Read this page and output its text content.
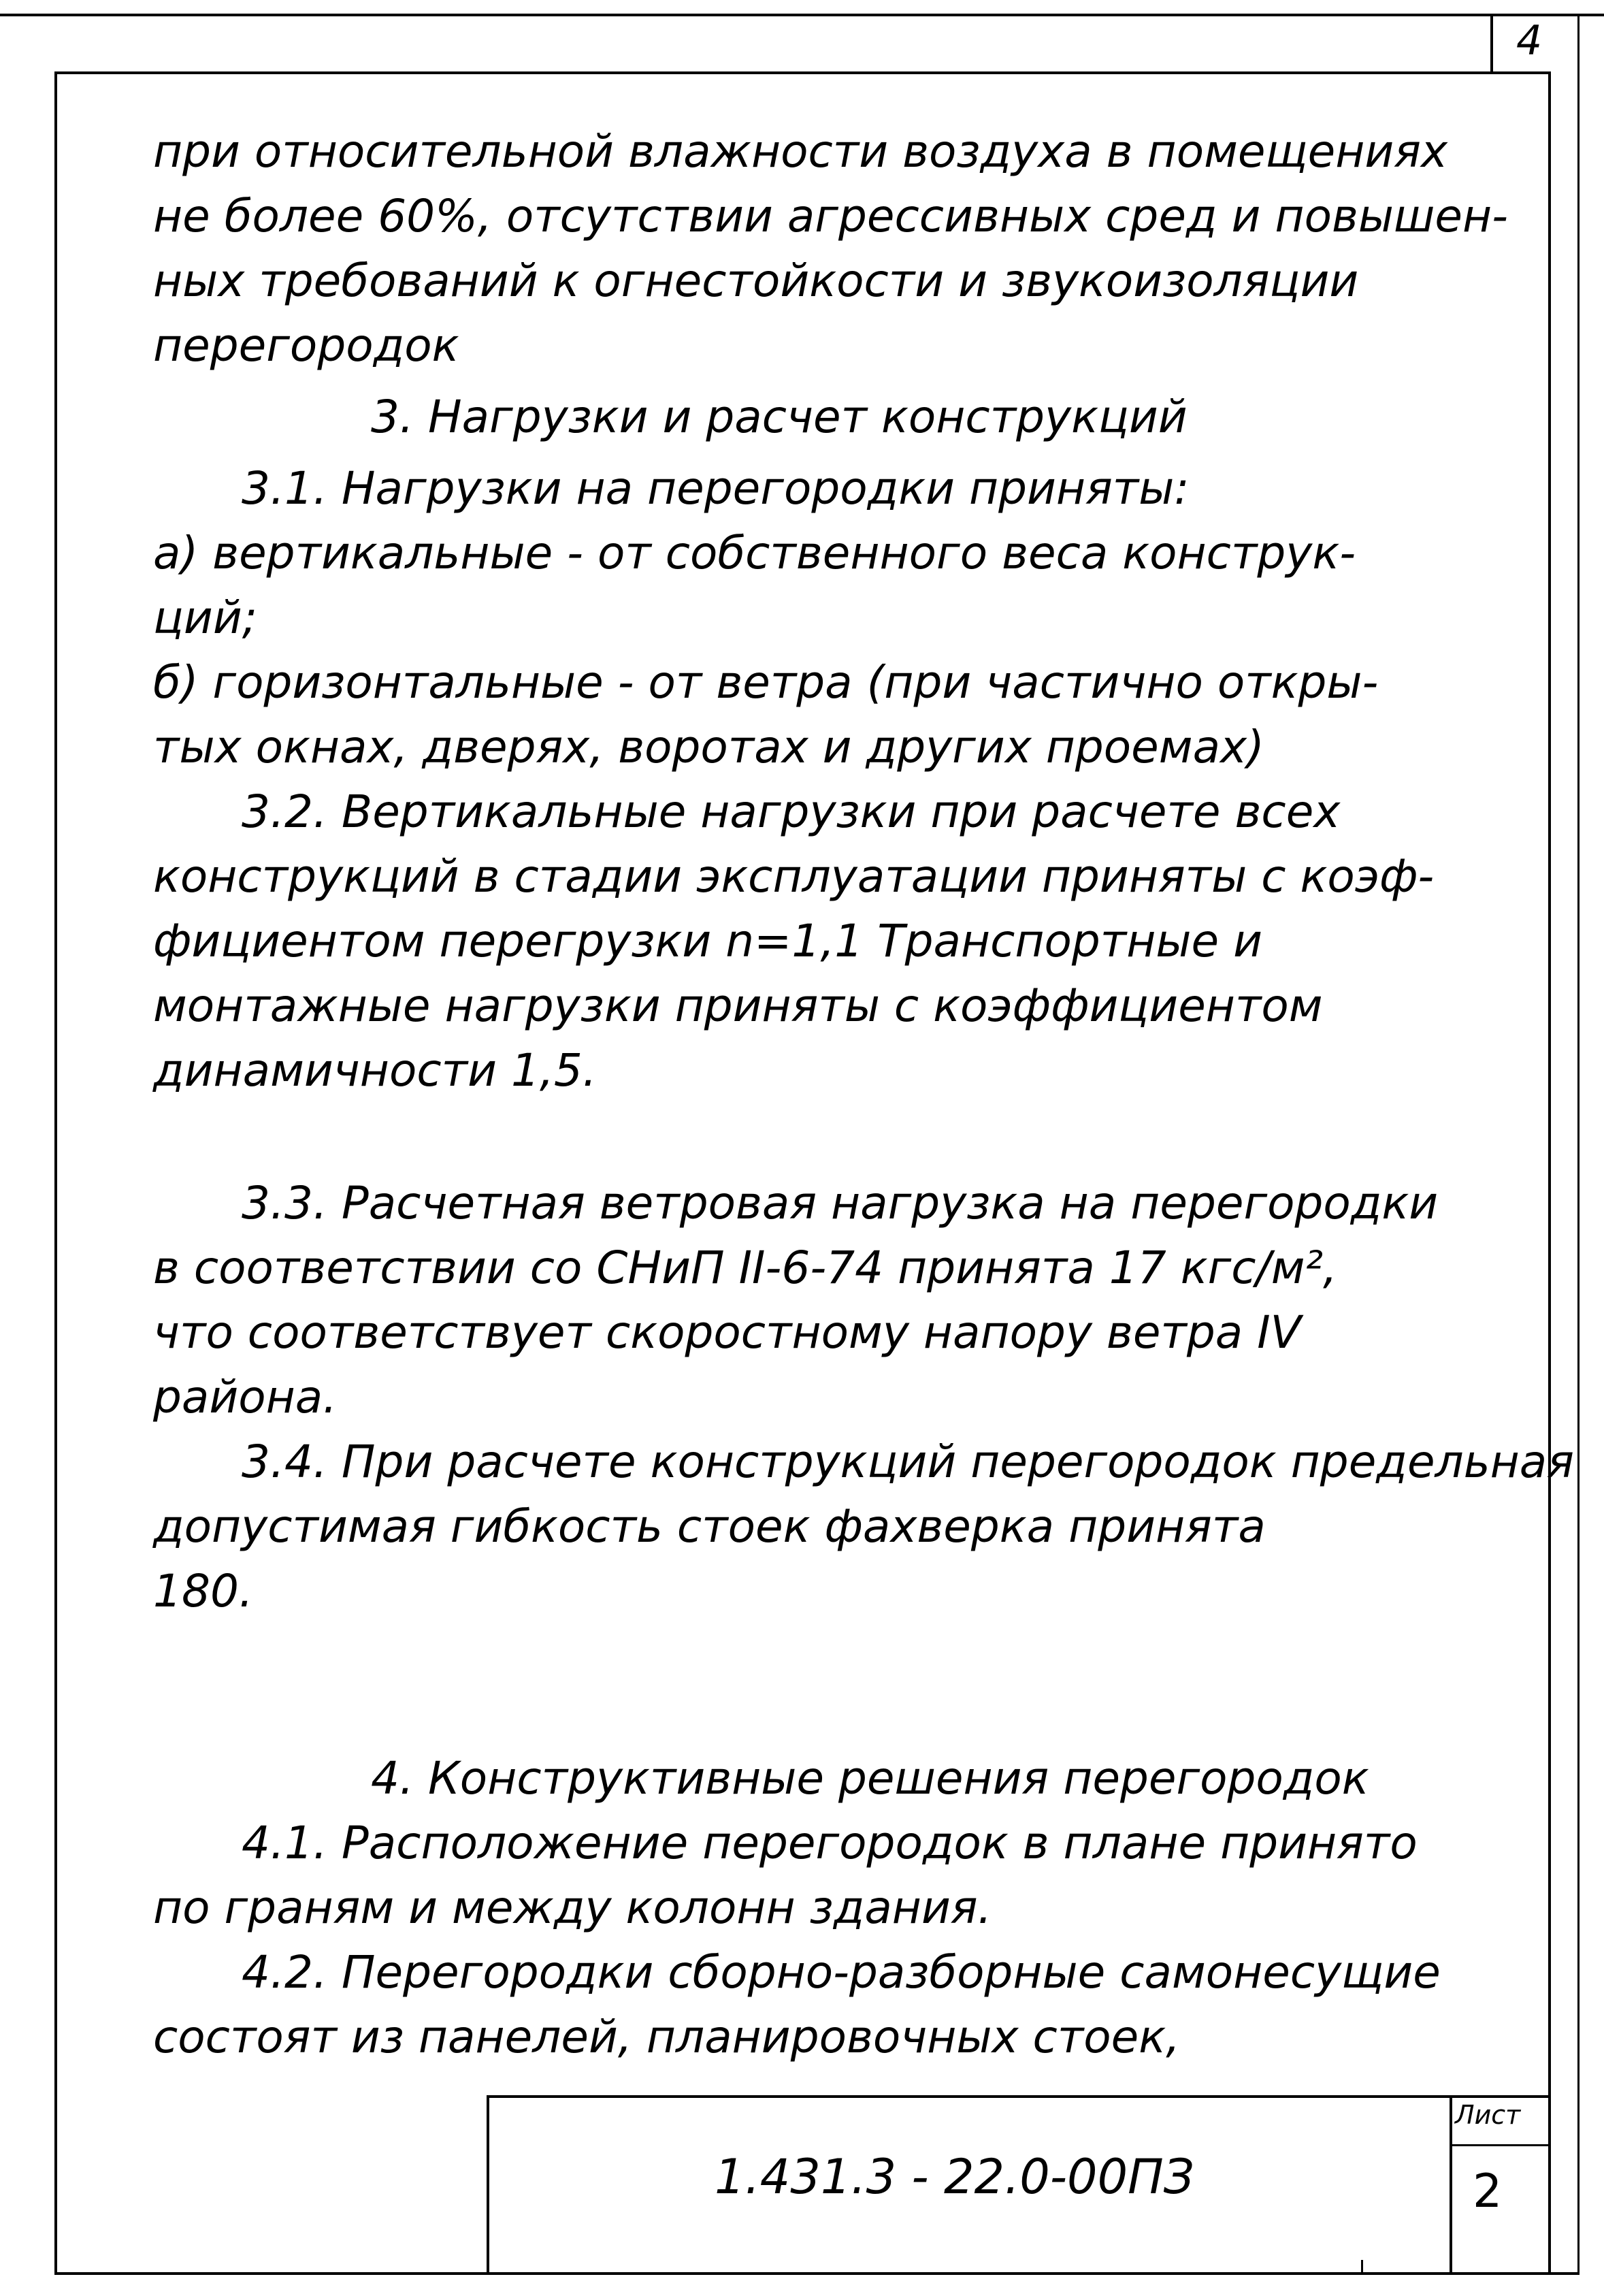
4
при относительной влажности воздуха в помещениях
не более 60%, отсутствии агрессивных сред и повышен-
ных требований к огнестойкости и звукоизоляции
перегородок
3. Нагрузки и расчет конструкций
3.1. Нагрузки на перегородки приняты:
а) вертикальные - от собственного веса конструк-
ций;
б) горизонтальные - от ветра (при частично откры-
тых окнах, дверях, воротах и других проемах)
3.2. Вертикальные нагрузки при расчете всех
конструкций в стадии эксплуатации приняты с коэф-
фициентом перегрузки n=1,1 Транспортные и
монтажные нагрузки приняты с коэффициентом
динамичности 1,5.
3.3. Расчетная ветровая нагрузка на перегородки
в соответствии со СНиП II-6-74 принята 17 кгс/м²,
что соответствует скоростному напору ветра IV
района.
3.4. При расчете конструкций перегородок предельная
допустимая гибкость стоек фахверка принята
180.
4. Конструктивные решения перегородок
4.1. Расположение перегородок в плане принято
по граням и между колонн здания.
4.2. Перегородки сборно-разборные самонесущие
состоят из панелей, планировочных стоек,
1.431.3 - 22.0-00ПЗ
Лист
2
